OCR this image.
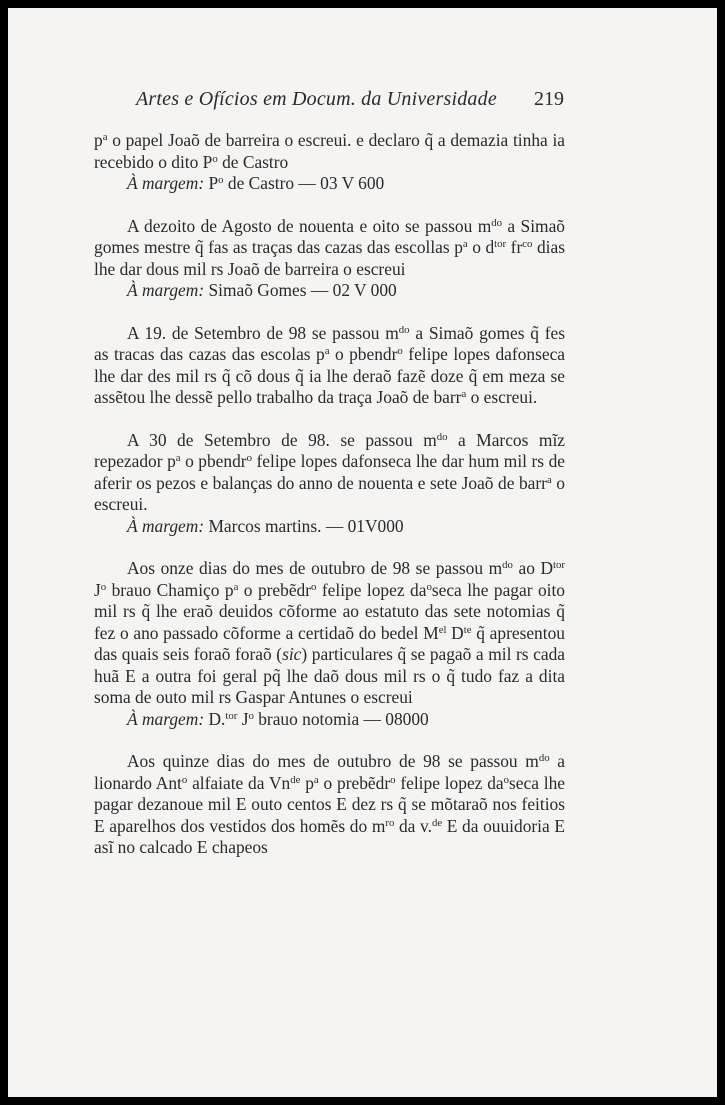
Artes e Ofícios em Docum. da Universidade 219

$p^a$ o papel Joaõ de barreira o escreui. e declaro q̃ a demazia tinha ia recebido o dito $P^o$ de Castro

À margem: $P^o$ de Castro — 03 V 600

A dezoito de Agosto de nouenta e oito se passou $m^{do}$ a Simaõ gomes mestre q̃ fas as traças das cazas das escollas $p^a$ o $d^{tor}$ $fr^{co}$ dias lhe dar dous mil rs Joaõ de barreira o escreui

À margem: Simaõ Gomes — 02 V 000

A 19. de Setembro de 98 se passou $m^{do}$ a Simaõ gomes q̃ fes as tracas das cazas das escolas $p^a$ o pbendr$^o$ felipe lopes dafonseca lhe dar des mil rs q̃ cõ dous q̃ ia lhe deraõ fazẽ doze q̃ em meza se assẽtou lhe dessẽ pello trabalho da traça Joaõ de barr$^a$ o escreui.

A 30 de Setembro de 98. se passou $m^{do}$ a Marcos mĩz repezador $p^a$ o pbendr$^o$ felipe lopes dafonseca lhe dar hum mil rs de aferir os pezos e balanças do anno de nouenta e sete Joaõ de barr$^a$ o escreui.

À margem: Marcos martins. — 01V000

Aos onze dias do mes de outubro de 98 se passou $m^{do}$ ao $D^{tor}$ $J^o$ brauo Chamiço $p^a$ o prebẽdr$^o$ felipe lopez $da^o\sec a$ lhe pagar oito mil rs q̃ lhe eraõ deuidos cõforme ao estatuto das sete notomias q̃ fez o ano passado cõforme a certidaõ do bedel $M^{el}$ $D^{te}$ q̃ apresentou das quais seis foraõ foraõ (sic) particulares q̃ se pagaõ a mil rs cada huã E a outra foi geral pq̃ lhe daõ dous mil rs o q̃ tudo faz a dita soma de outo mil rs Gaspar Antunes o escreui

À margem: D.$^{tor}$ $J^o$ brauo notomia — 08000

Aos quinze dias do mes de outubro de 98 se passou $m^{do}$ a lionardo Ant$^o$ alfaiate da $Vn^{de}$ $p^a$ o prebẽdr$^o$ felipe lopez $da^o\sec a$ lhe pagar dezanoue mil E outo centos E dez rs q̃ se mõtaraõ nos feitios E aparelhos dos vestidos dos homẽs do $m^{ro}$ da v.$^{de}$ E da ouuidoria E asĩ no calcado E chapeos
